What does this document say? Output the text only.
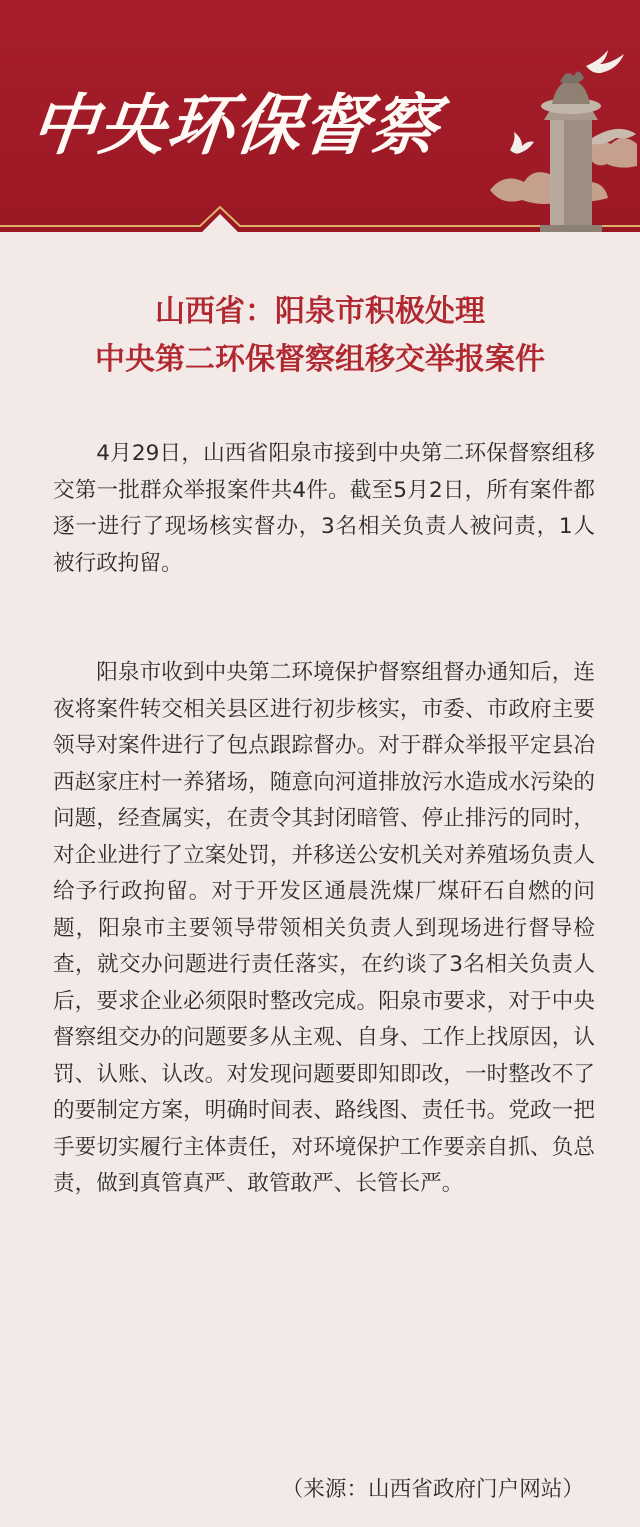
中央环保督察
山西省：阳泉市积极处理
中央第二环保督察组移交举报案件

4月29日，山西省阳泉市接到中央第二环保督察组移交第一批群众举报案件共4件。截至5月2日，所有案件都逐一进行了现场核实督办，3名相关负责人被问责，1人被行政拘留。

阳泉市收到中央第二环境保护督察组督办通知后，连夜将案件转交相关县区进行初步核实，市委、市政府主要领导对案件进行了包点跟踪督办。对于群众举报平定县冶西赵家庄村一养猪场，随意向河道排放污水造成水污染的问题，经查属实，在责令其封闭暗管、停止排污的同时，对企业进行了立案处罚，并移送公安机关对养殖场负责人给予行政拘留。对于开发区通晨洗煤厂煤矸石自燃的问题，阳泉市主要领导带领相关负责人到现场进行督导检查，就交办问题进行责任落实，在约谈了3名相关负责人后，要求企业必须限时整改完成。阳泉市要求，对于中央督察组交办的问题要多从主观、自身、工作上找原因，认罚、认账、认改。对发现问题要即知即改，一时整改不了的要制定方案，明确时间表、路线图、责任书。党政一把手要切实履行主体责任，对环境保护工作要亲自抓、负总责，做到真管真严、敢管敢严、长管长严。

（来源：山西省政府门户网站）
